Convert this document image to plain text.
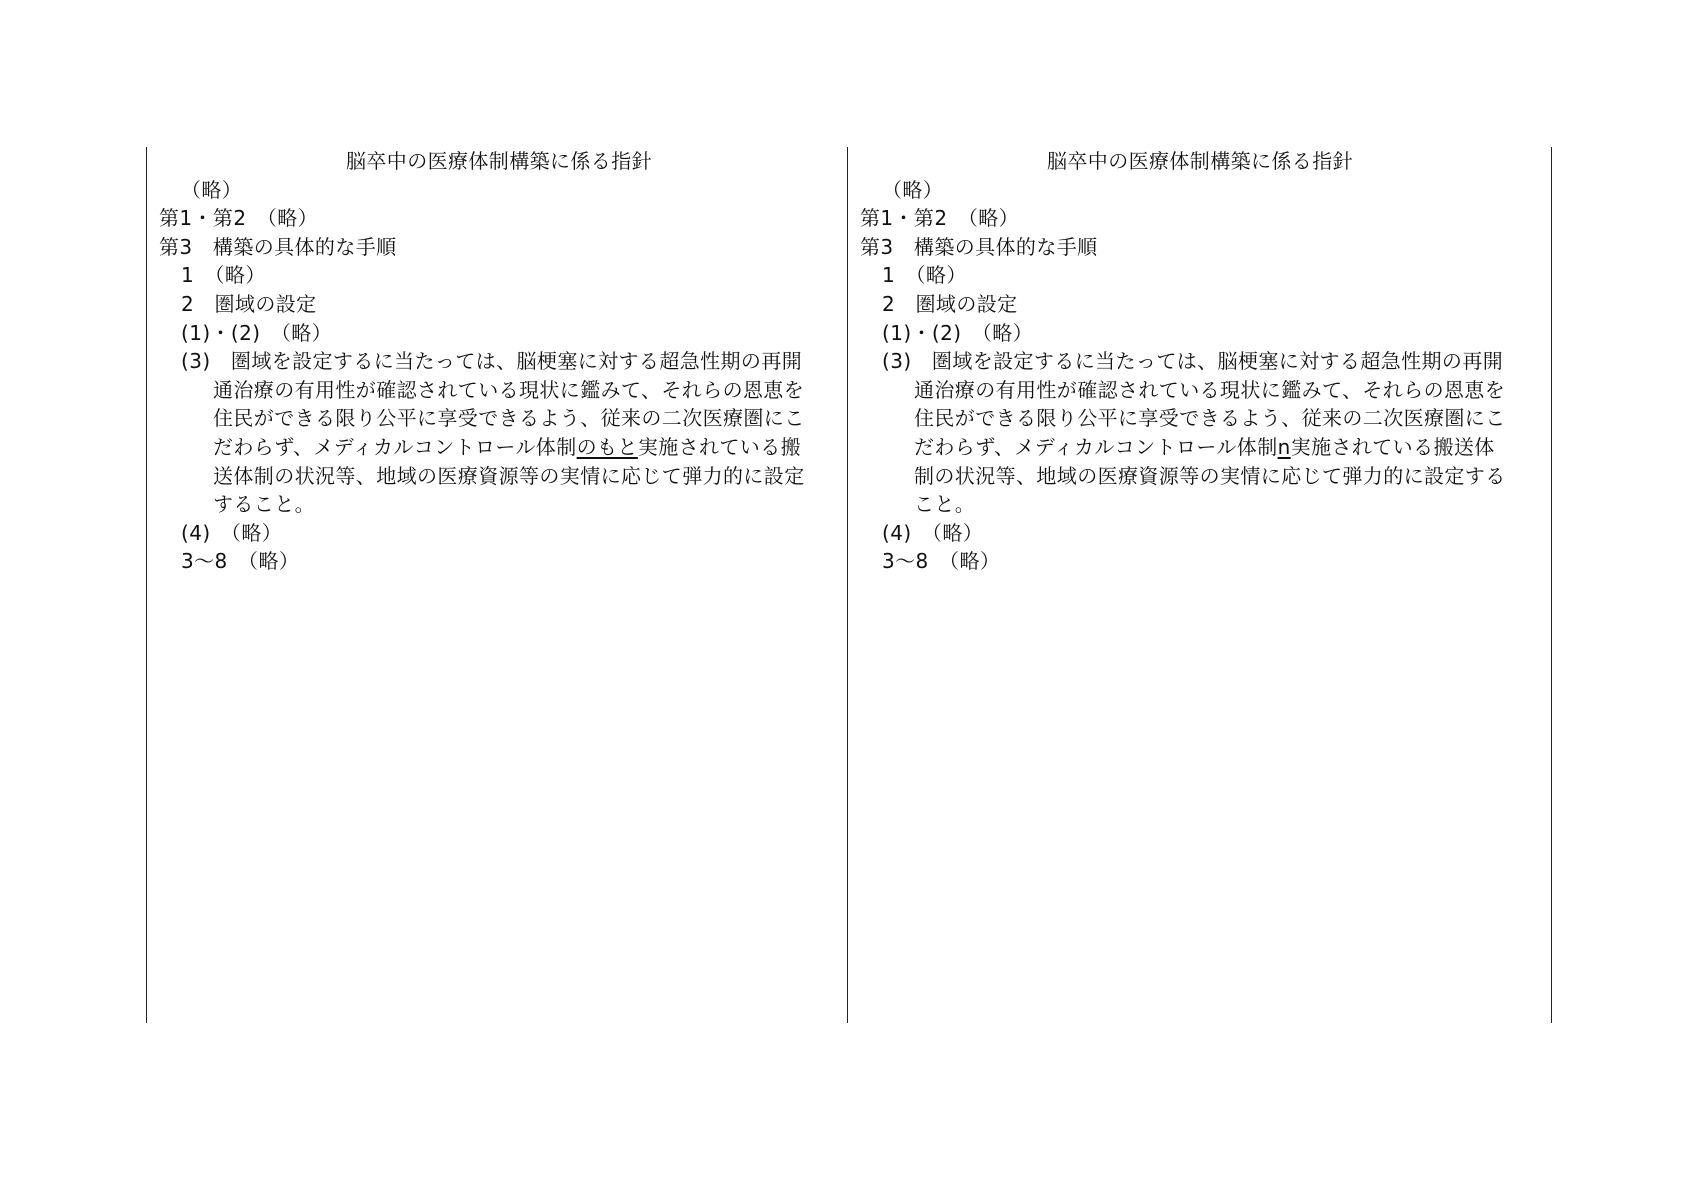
脳卒中の医療体制構築に係る指針
（略）
第1・第2　（略）
第3　構築の具体的な手順
1　（略）
2　圏域の設定
(1)・(2)　（略）
(3)　圏域を設定するに当たっては、脳梗塞に対する超急性期の再開
通治療の有用性が確認されている現状に鑑みて、それらの恩恵を
住民ができる限り公平に享受できるよう、従来の二次医療圏にこ
だわらず、メディカルコントロール体制のもと実施されている搬
送体制の状況等、地域の医療資源等の実情に応じて弾力的に設定
すること。
(4)　（略）
3～8　（略）
脳卒中の医療体制構築に係る指針
（略）
第1・第2　（略）
第3　構築の具体的な手順
1　（略）
2　圏域の設定
(1)・(2)　（略）
(3)　圏域を設定するに当たっては、脳梗塞に対する超急性期の再開
通治療の有用性が確認されている現状に鑑みて、それらの恩恵を
住民ができる限り公平に享受できるよう、従来の二次医療圏にこ
だわらず、メディカルコントロール体制n実施されている搬送体
制の状況等、地域の医療資源等の実情に応じて弾力的に設定する
こと。
(4)　（略）
3～8　（略）
